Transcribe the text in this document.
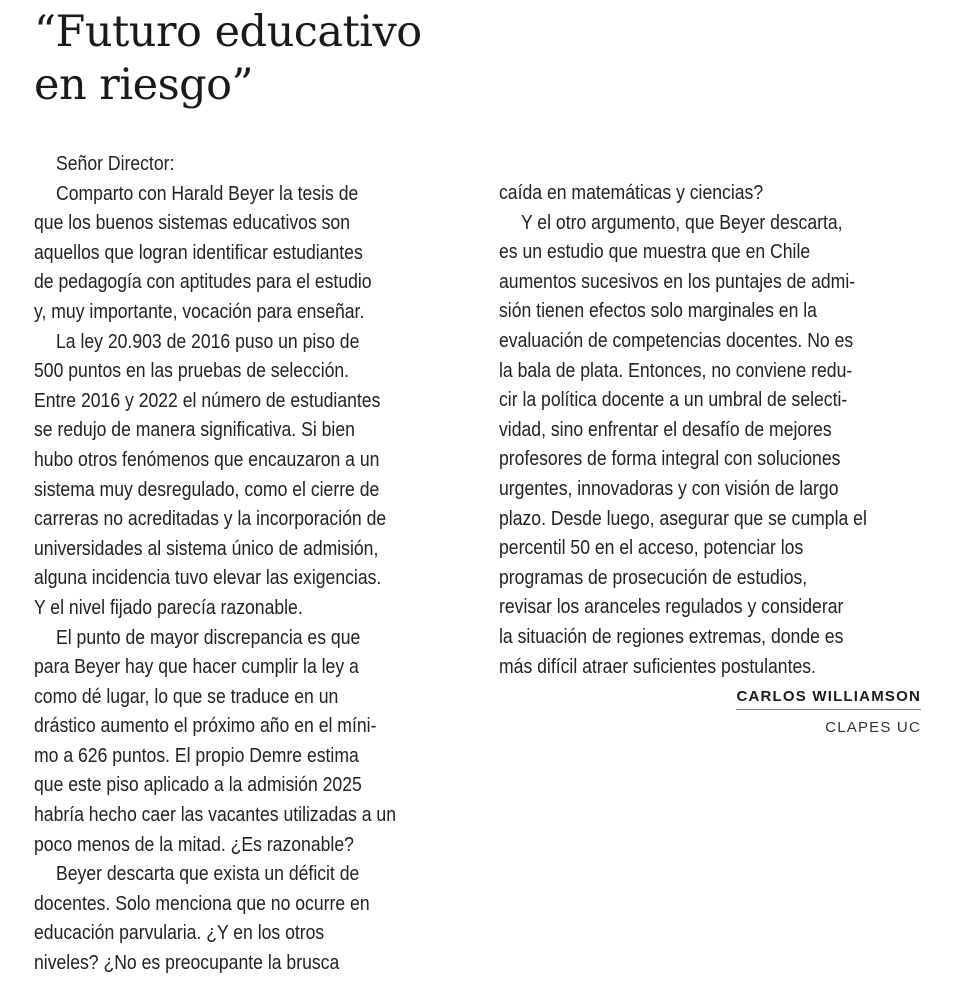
“Futuro educativo
en riesgo”
Señor Director:
Comparto con Harald Beyer la tesis de
que los buenos sistemas educativos son
aquellos que logran identificar estudiantes
de pedagogía con aptitudes para el estudio
y, muy importante, vocación para enseñar.
La ley 20.903 de 2016 puso un piso de
500 puntos en las pruebas de selección.
Entre 2016 y 2022 el número de estudiantes
se redujo de manera significativa. Si bien
hubo otros fenómenos que encauzaron a un
sistema muy desregulado, como el cierre de
carreras no acreditadas y la incorporación de
universidades al sistema único de admisión,
alguna incidencia tuvo elevar las exigencias.
Y el nivel fijado parecía razonable.
El punto de mayor discrepancia es que
para Beyer hay que hacer cumplir la ley a
como dé lugar, lo que se traduce en un
drástico aumento el próximo año en el míni-
mo a 626 puntos. El propio Demre estima
que este piso aplicado a la admisión 2025
habría hecho caer las vacantes utilizadas a un
poco menos de la mitad. ¿Es razonable?
Beyer descarta que exista un déficit de
docentes. Solo menciona que no ocurre en
educación parvularia. ¿Y en los otros
niveles? ¿No es preocupante la brusca
caída en matemáticas y ciencias?
Y el otro argumento, que Beyer descarta,
es un estudio que muestra que en Chile
aumentos sucesivos en los puntajes de admi-
sión tienen efectos solo marginales en la
evaluación de competencias docentes. No es
la bala de plata. Entonces, no conviene redu-
cir la política docente a un umbral de selecti-
vidad, sino enfrentar el desafío de mejores
profesores de forma integral con soluciones
urgentes, innovadoras y con visión de largo
plazo. Desde luego, asegurar que se cumpla el
percentil 50 en el acceso, potenciar los
programas de prosecución de estudios,
revisar los aranceles regulados y considerar
la situación de regiones extremas, donde es
más difícil atraer suficientes postulantes.
CARLOS WILLIAMSON
CLAPES UC
